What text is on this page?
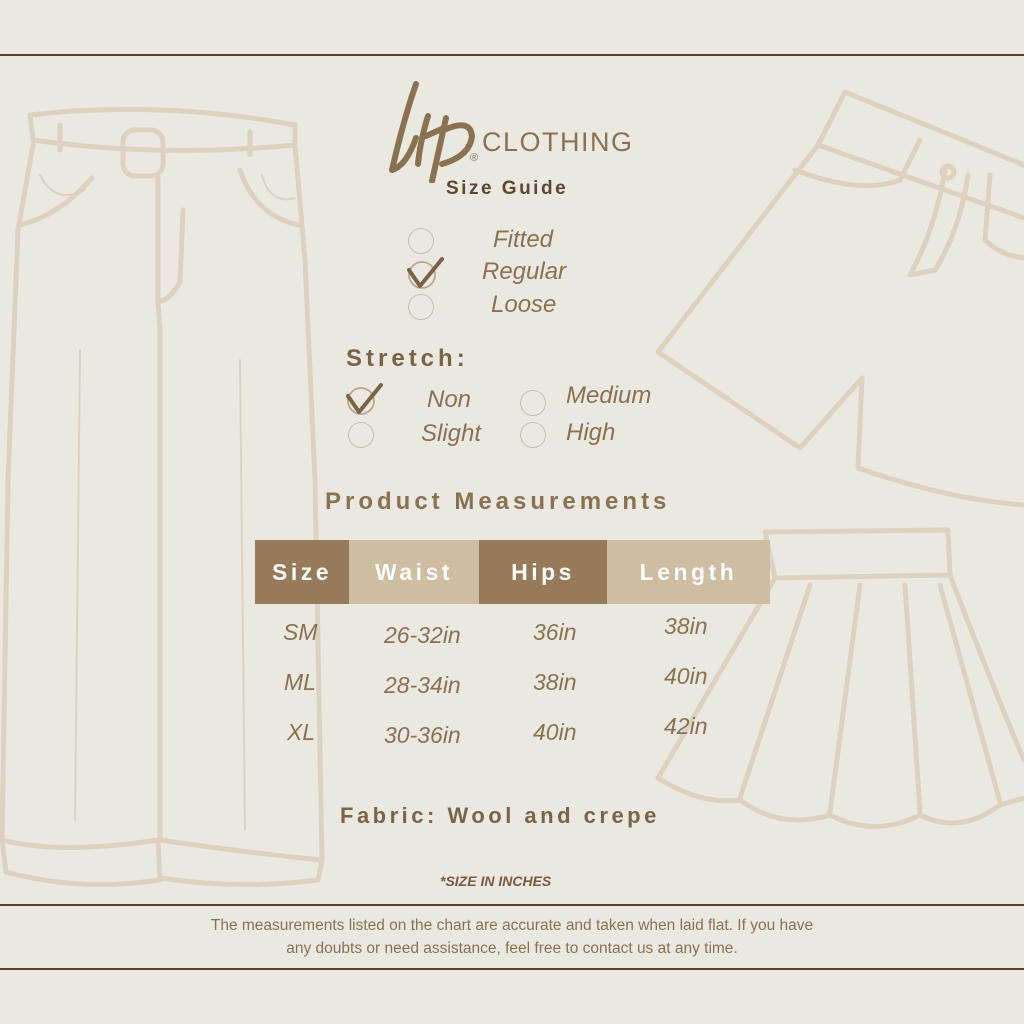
®
CLOTHING
Size Guide
Fitted
Regular
Loose
Stretch:
Non
Slight
Medium
High
Product Measurements
Size	Waist	Hips	Length
SM	26-32in	36in	38in
ML	28-34in	38in	40in
XL	30-36in	40in	42in
Fabric: Wool and crepe
*SIZE IN INCHES
The measurements listed on the chart are accurate and taken when laid flat. If you have
any doubts or need assistance, feel free to contact us at any time.
